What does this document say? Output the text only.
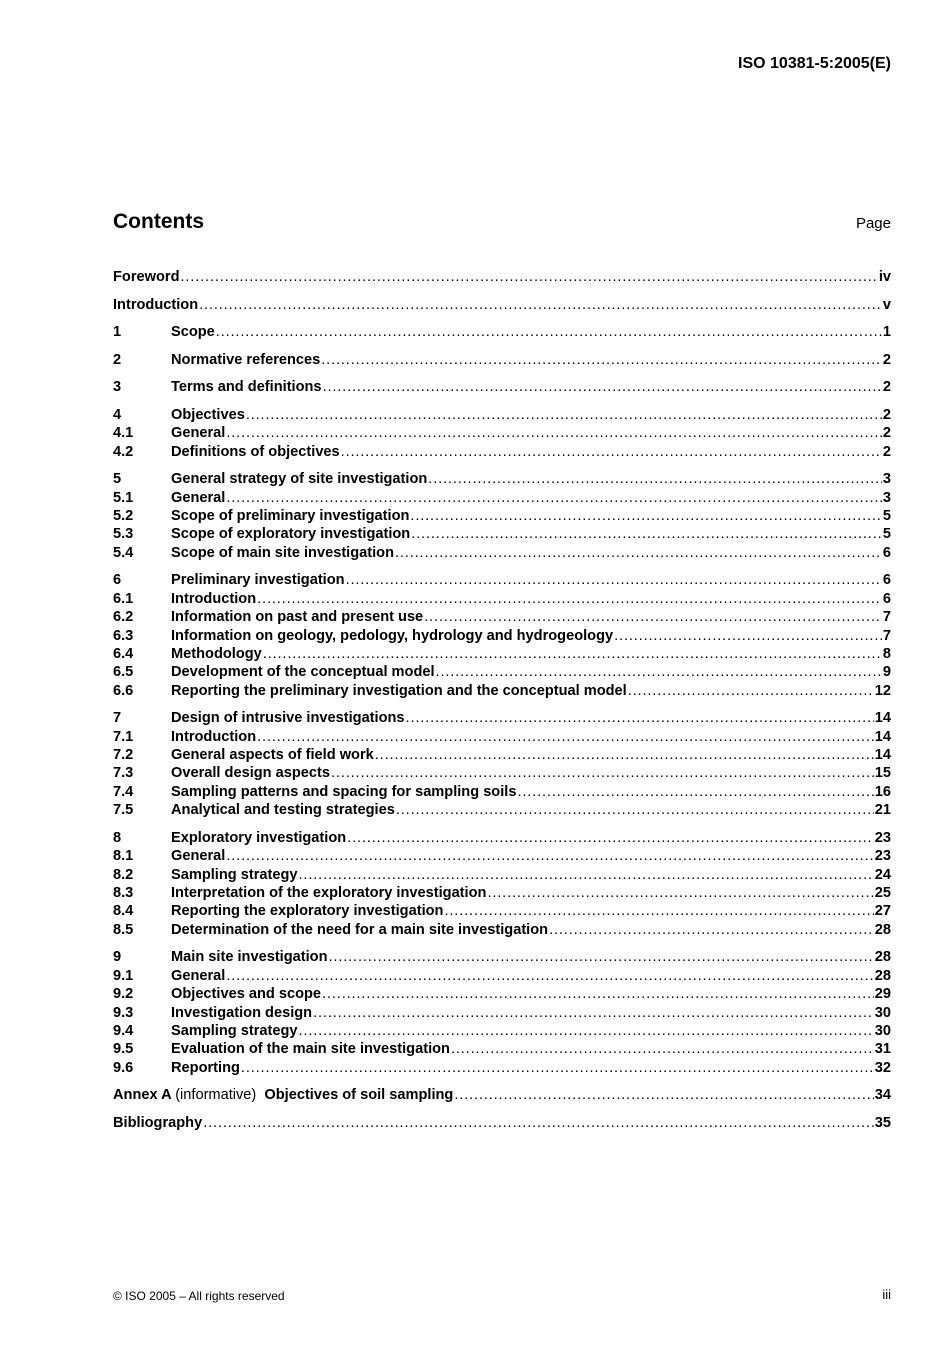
ISO 10381-5:2005(E)
Contents	Page
Foreword . . .	iv
Introduction . . .	v
1	Scope . . .	1
2	Normative references . . .	2
3	Terms and definitions . . .	2
4	Objectives . . .	2
4.1	General . . .	2
4.2	Definitions of objectives . . .	2
5	General strategy of site investigation . . .	3
5.1	General . . .	3
5.2	Scope of preliminary investigation . . .	5
5.3	Scope of exploratory investigation . . .	5
5.4	Scope of main site investigation . . .	6
6	Preliminary investigation . . .	6
6.1	Introduction . . .	6
6.2	Information on past and present use . . .	7
6.3	Information on geology, pedology, hydrology and hydrogeology . . .	7
6.4	Methodology . . .	8
6.5	Development of the conceptual model . . .	9
6.6	Reporting the preliminary investigation and the conceptual model . . .	12
7	Design of intrusive investigations . . .	14
7.1	Introduction . . .	14
7.2	General aspects of field work . . .	14
7.3	Overall design aspects . . .	15
7.4	Sampling patterns and spacing for sampling soils . . .	16
7.5	Analytical and testing strategies . . .	21
8	Exploratory investigation . . .	23
8.1	General . . .	23
8.2	Sampling strategy . . .	24
8.3	Interpretation of the exploratory investigation . . .	25
8.4	Reporting the exploratory investigation . . .	27
8.5	Determination of the need for a main site investigation . . .	28
9	Main site investigation . . .	28
9.1	General . . .	28
9.2	Objectives and scope . . .	29
9.3	Investigation design . . .	30
9.4	Sampling strategy . . .	30
9.5	Evaluation of the main site investigation . . .	31
9.6	Reporting . . .	32
Annex A (informative) Objectives of soil sampling . . .	34
Bibliography . . .	35
© ISO 2005 – All rights reserved	iii
